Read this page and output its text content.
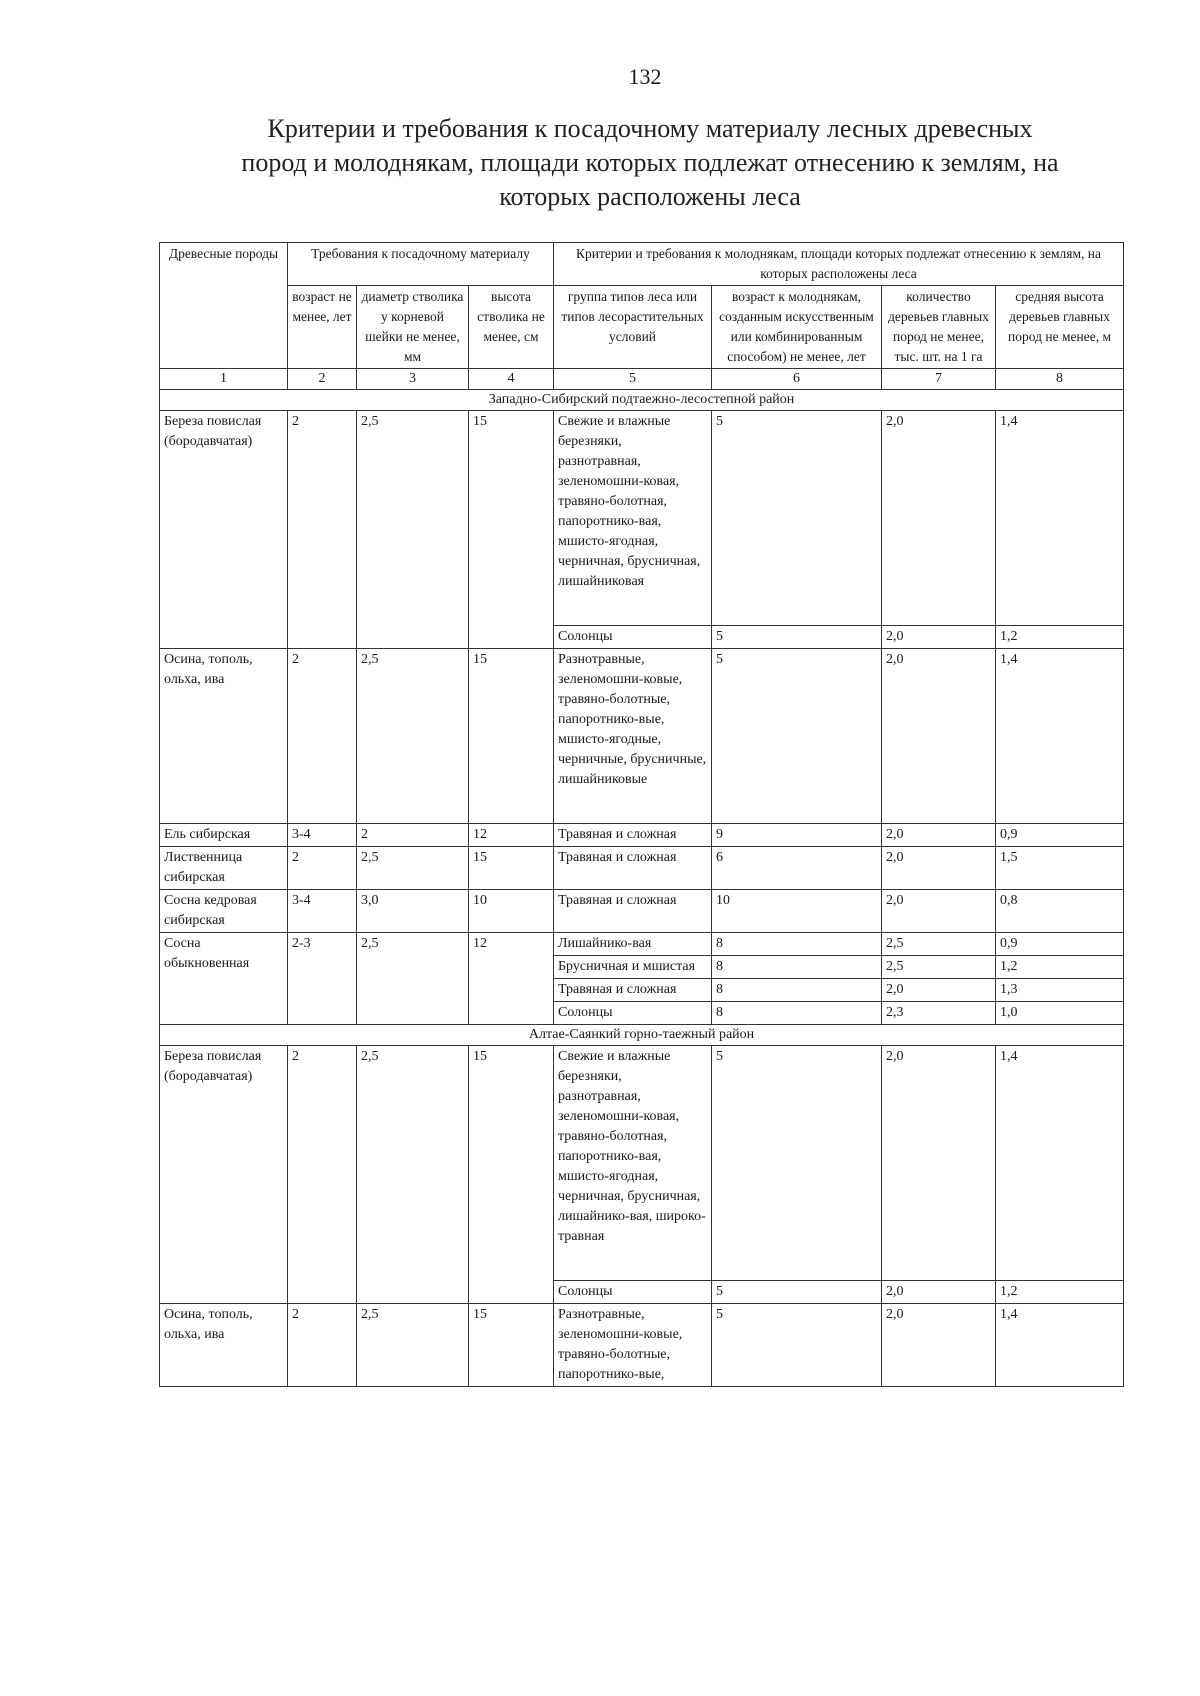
132
Критерии и требования к посадочному материалу лесных древесных
пород и молоднякам, площади которых подлежат отнесению к землям, на
которых расположены леса
Древесные породы	Требования к посадочному материалу			Критерии и требования к молоднякам, площади которых подлежат отнесению к землям, на которых расположены леса			
	возраст не менее, лет	диаметр стволика у корневой шейки не менее, мм	высота стволика не менее, см	группа типов леса или типов лесорастительных условий	возраст к молоднякам, созданным искусственным или комбинированным способом) не менее, лет	количество деревьев главных пород не менее, тыс. шт. на 1 га	средняя высота деревьев главных пород не менее, м
1	2	3	4	5	6	7	8
Западно-Сибирский подтаежно-лесостепной район							
Береза повислая (бородавчатая)	2	2,5	15	Свежие и влажные березняки, разнотравная, зеленомошни-ковая, травяно-болотная, папоротнико-вая, мшисто-ягодная, черничная, брусничная, лишайниковая	5	2,0	1,4
				Солонцы	5	2,0	1,2
Осина, тополь, ольха, ива	2	2,5	15	Разнотравные, зеленомошни-ковые, травяно-болотные, папоротнико-вые, мшисто-ягодные, черничные, брусничные, лишайниковые	5	2,0	1,4
Ель сибирская	3-4	2	12	Травяная и сложная	9	2,0	0,9
Лиственница сибирская	2	2,5	15	Травяная и сложная	6	2,0	1,5
Сосна кедровая сибирская	3-4	3,0	10	Травяная и сложная	10	2,0	0,8
Сосна обыкновенная	2-3	2,5	12	Лишайнико-вая	8	2,5	0,9
				Брусничная и мшистая	8	2,5	1,2
				Травяная и сложная	8	2,0	1,3
				Солонцы	8	2,3	1,0
Алтае-Саянкий горно-таежный район							
Береза повислая (бородавчатая)	2	2,5	15	Свежие и влажные березняки, разнотравная, зеленомошни-ковая, травяно-болотная, папоротнико-вая, мшисто-ягодная, черничная, брусничная, лишайнико-вая, широко-травная	5	2,0	1,4
				Солонцы	5	2,0	1,2
Осина, тополь, ольха, ива	2	2,5	15	Разнотравные, зеленомошни-ковые, травяно-болотные, папоротнико-вые,	5	2,0	1,4
